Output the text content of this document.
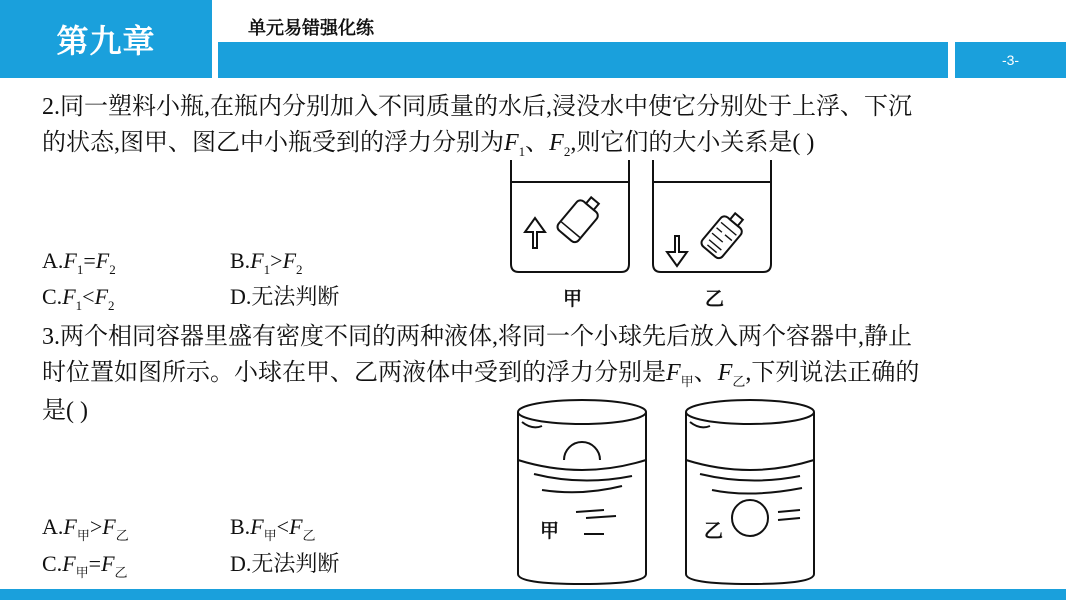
第九章	单元易错强化练
-3-
2.同一塑料小瓶,在瓶内分别加入不同质量的水后,浸没水中使它分别处于上浮、下沉
的状态,图甲、图乙中小瓶受到的浮力分别为$F_1$、$F_2$,则它们的大小关系是( )
$A.F_1=F_2$	$B.F_1>F_2$
$C.F_1<F_2$	D.无法判断	甲	乙
3.两个相同容器里盛有密度不同的两种液体,将同一个小球先后放入两个容器中,静止
时位置如图所示。小球在甲、乙两液体中受到的浮力分别是$F_甲$、$F_乙$,下列说法正确的
是( )
$A.F_甲>F_乙$	$B.F_甲<F_乙$
$C.F_甲=F_乙$	D.无法判断
甲	乙
